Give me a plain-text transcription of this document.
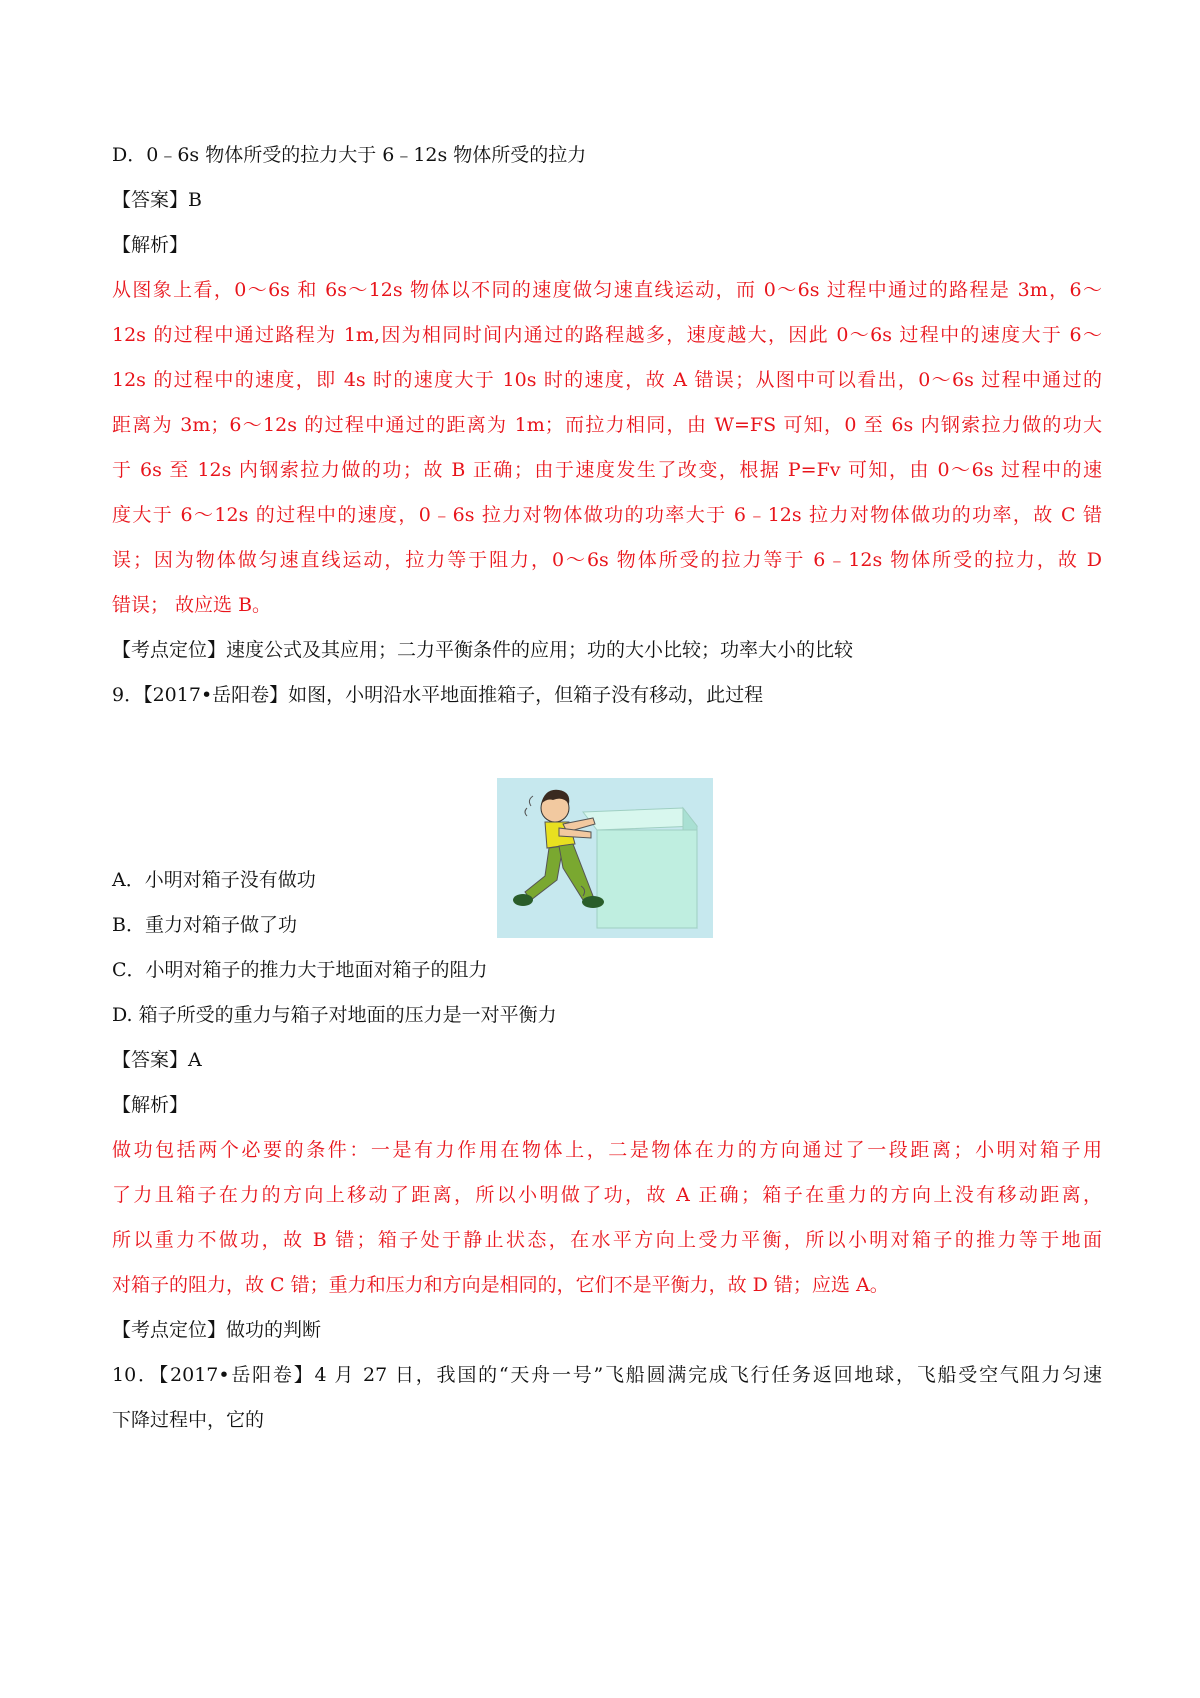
D．0﹣6s 物体所受的拉力大于 6﹣12s 物体所受的拉力
【答案】B
【解析】
从图象上看，0～6s 和 6s～12s 物体以不同的速度做匀速直线运动，而 0～6s 过程中通过的路程是 3m，6～
12s 的过程中通过路程为 1m,因为相同时间内通过的路程越多，速度越大，因此 0～6s 过程中的速度大于 6～
12s 的过程中的速度，即 4s 时的速度大于 10s 时的速度，故 A 错误；从图中可以看出，0～6s 过程中通过的
距离为 3m；6～12s 的过程中通过的距离为 1m；而拉力相同，由 W=FS 可知，0 至 6s 内钢索拉力做的功大
于 6s 至 12s 内钢索拉力做的功；故 B 正确；由于速度发生了改变，根据 P=Fv 可知，由 0～6s 过程中的速
度大于 6～12s 的过程中的速度，0﹣6s 拉力对物体做功的功率大于 6﹣12s 拉力对物体做功的功率，故 C 错
误；因为物体做匀速直线运动，拉力等于阻力，0～6s 物体所受的拉力等于 6﹣12s 物体所受的拉力，故 D
错误； 故应选 B。
【考点定位】速度公式及其应用；二力平衡条件的应用；功的大小比较；功率大小的比较
9．【2017•岳阳卷】如图，小明沿水平地面推箱子，但箱子没有移动，此过程
A．小明对箱子没有做功
B．重力对箱子做了功
C．小明对箱子的推力大于地面对箱子的阻力
D. 箱子所受的重力与箱子对地面的压力是一对平衡力
【答案】A
【解析】
做功包括两个必要的条件：一是有力作用在物体上，二是物体在力的方向通过了一段距离；小明对箱子用
了力且箱子在力的方向上移动了距离，所以小明做了功，故 A 正确；箱子在重力的方向上没有移动距离，
所以重力不做功，故 B 错；箱子处于静止状态，在水平方向上受力平衡，所以小明对箱子的推力等于地面
对箱子的阻力，故 C 错；重力和压力和方向是相同的，它们不是平衡力，故 D 错；应选 A。
【考点定位】做功的判断
10．【2017•岳阳卷】4 月 27 日，我国的“天舟一号”飞船圆满完成飞行任务返回地球，飞船受空气阻力匀速
下降过程中，它的
